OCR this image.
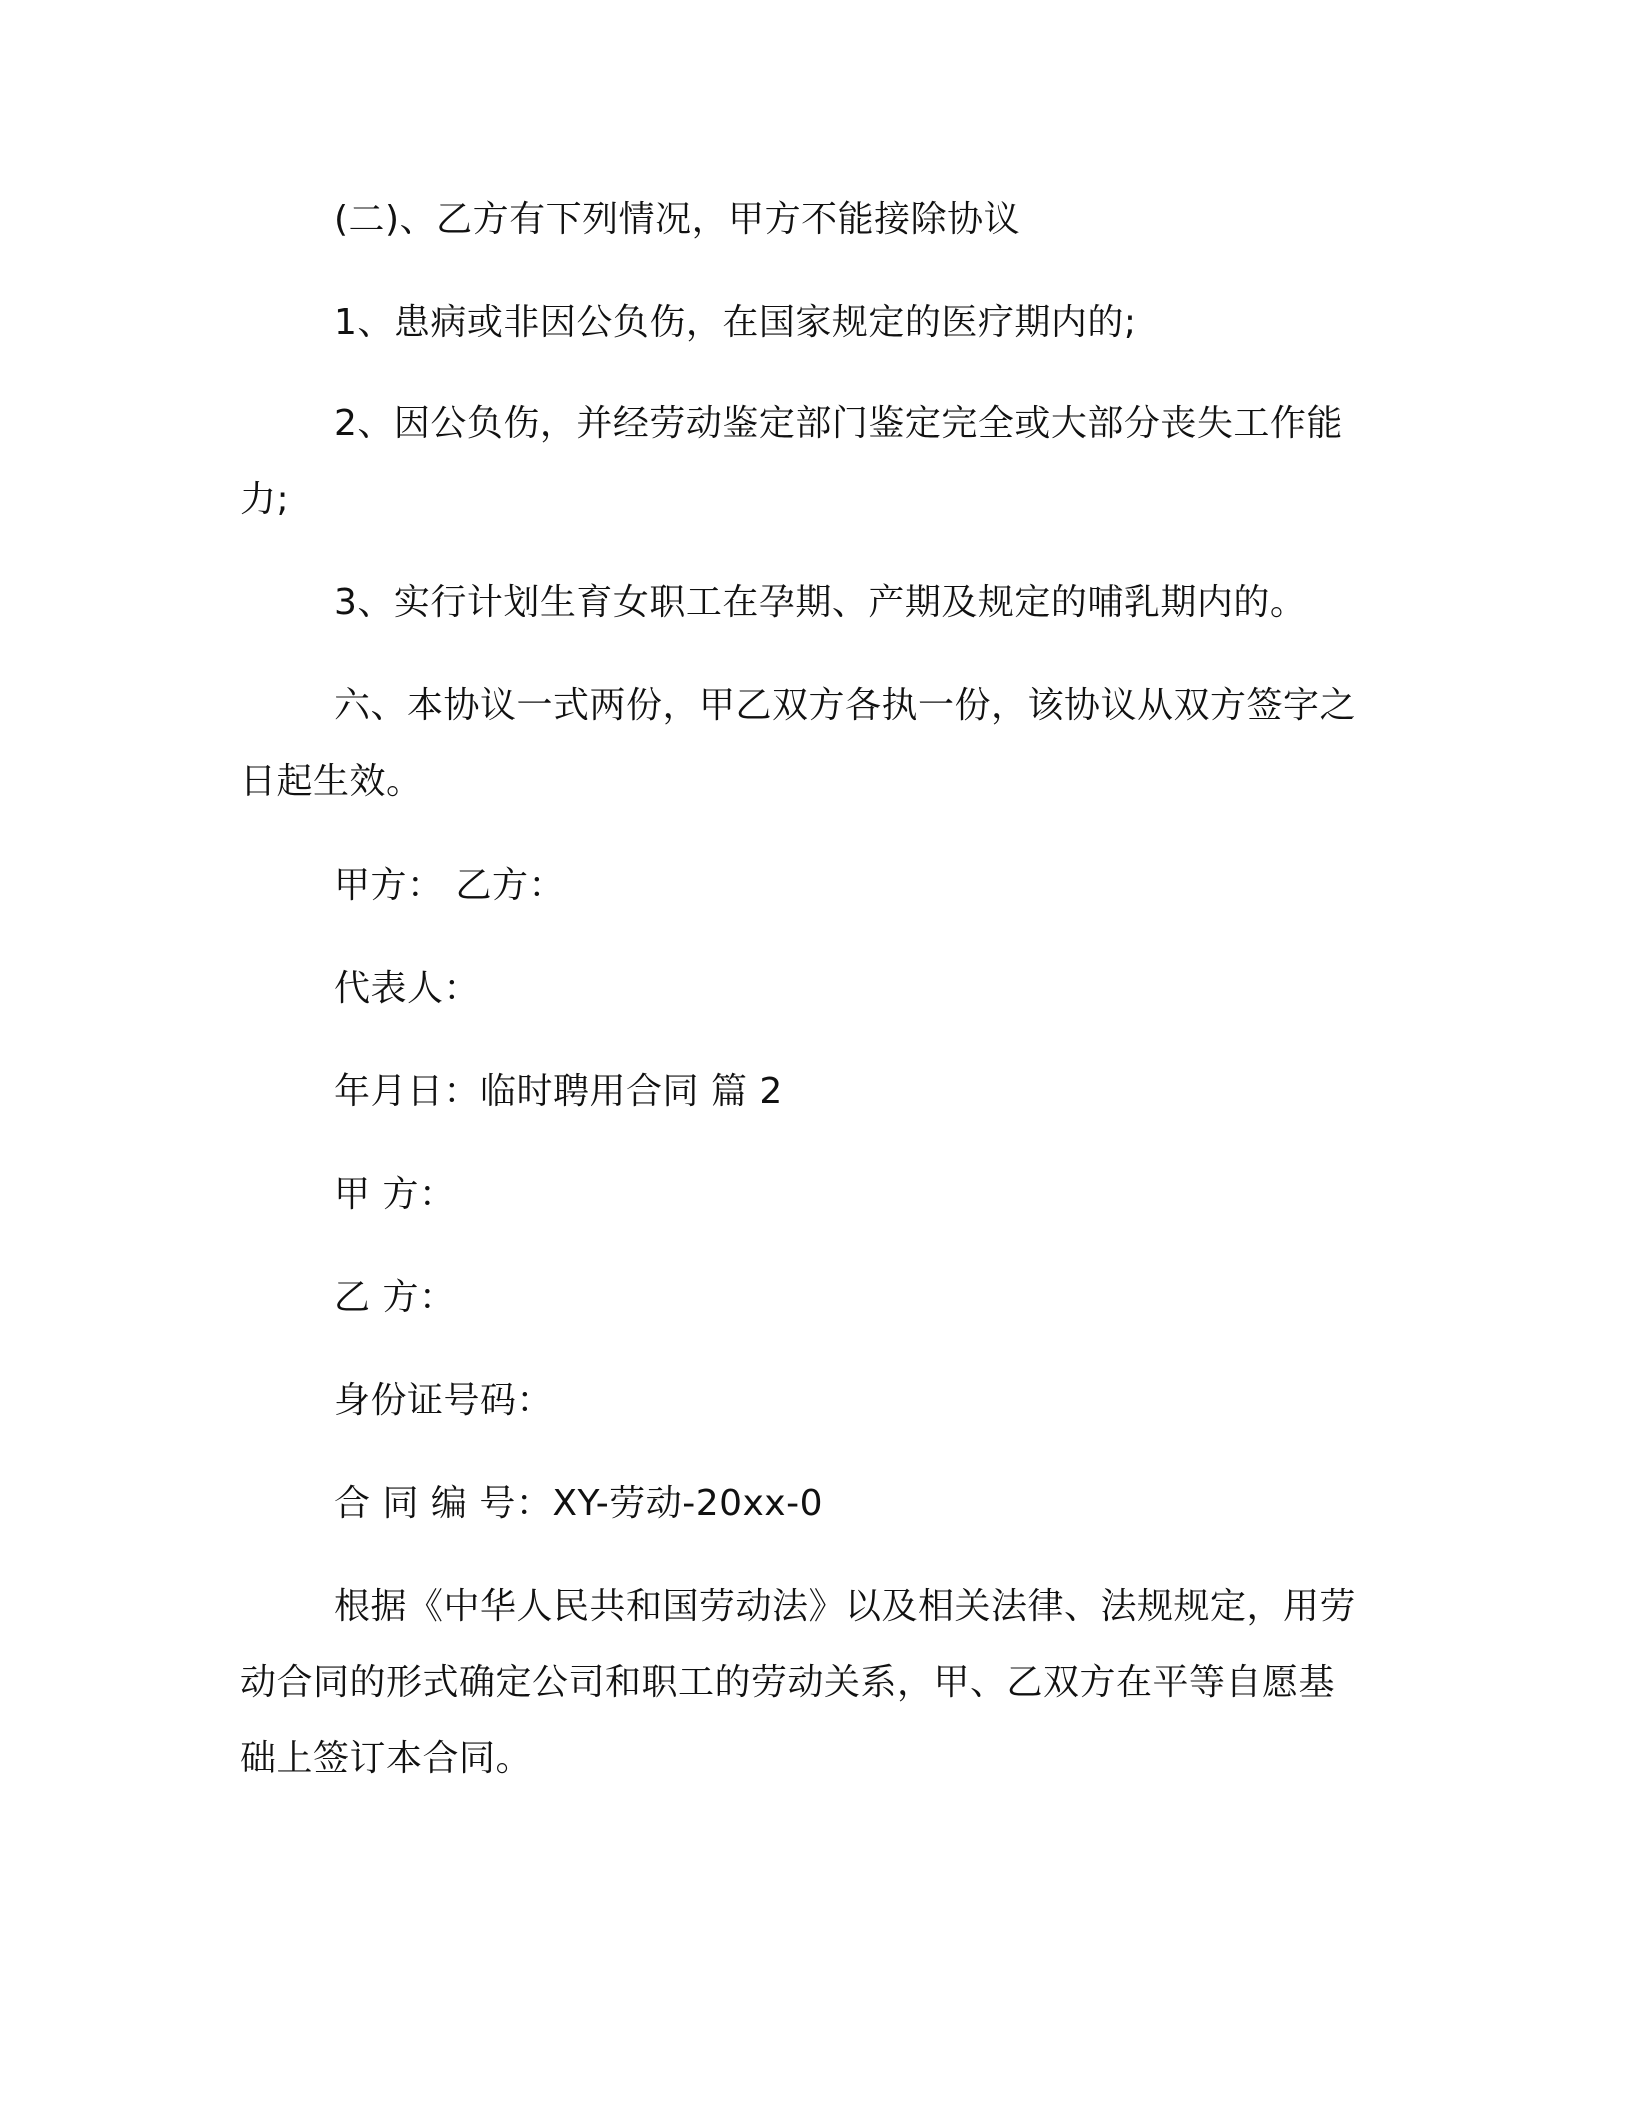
(二)、乙方有下列情况，甲方不能接除协议
1、患病或非因公负伤，在国家规定的医疗期内的;
2、因公负伤，并经劳动鉴定部门鉴定完全或大部分丧失工作能
力;
3、实行计划生育女职工在孕期、产期及规定的哺乳期内的。
六、本协议一式两份，甲乙双方各执一份，该协议从双方签字之
日起生效。
甲方： 乙方：
代表人：
年月日：临时聘用合同 篇 2
甲 方：
乙 方：
身份证号码：
合 同 编 号：XY-劳动-20xx-0
根据《中华人民共和国劳动法》以及相关法律、法规规定，用劳
动合同的形式确定公司和职工的劳动关系，甲、乙双方在平等自愿基
础上签订本合同。
